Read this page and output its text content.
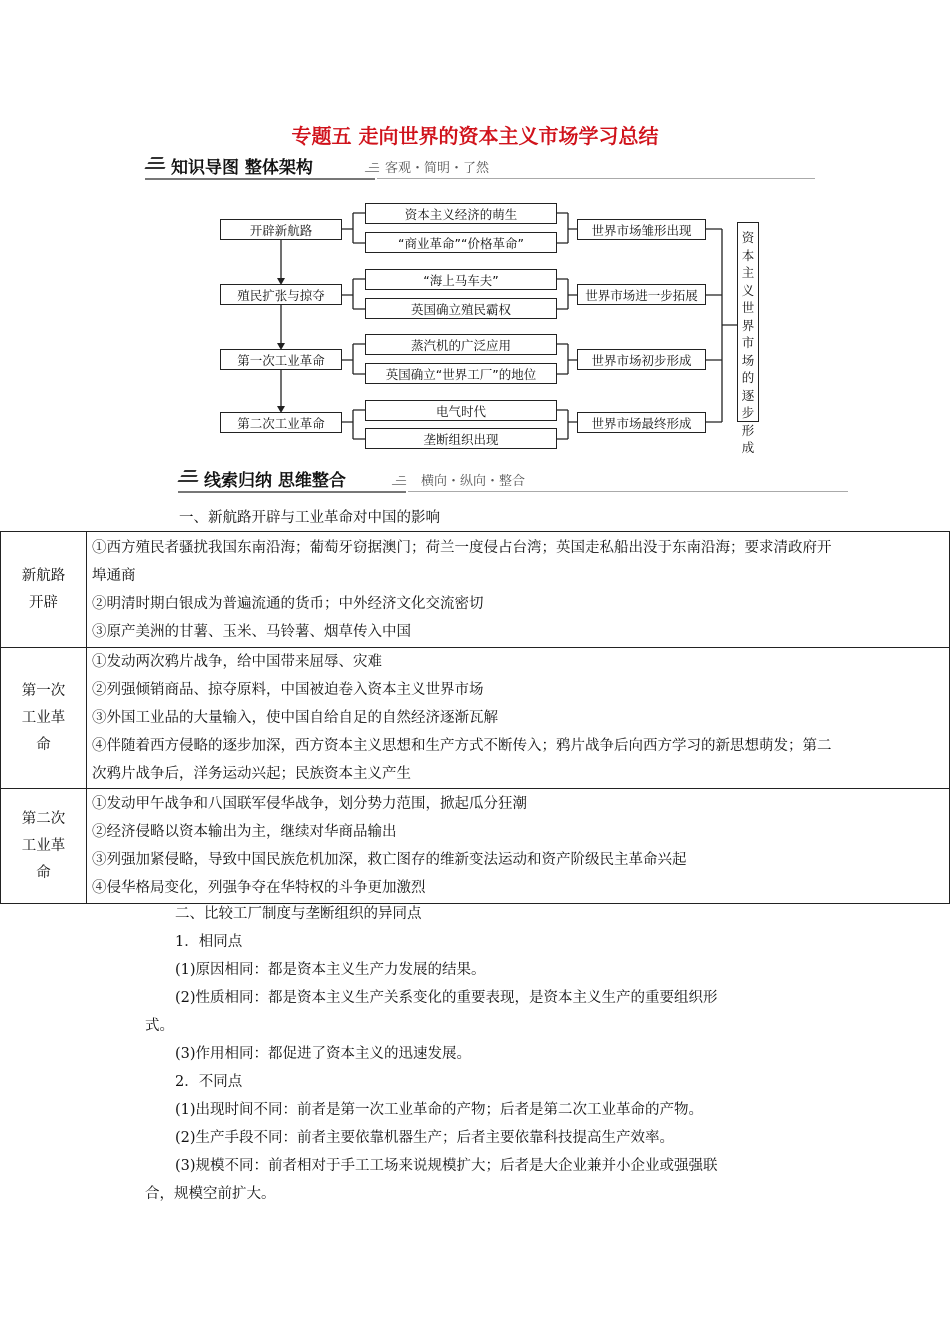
专题五 走向世界的资本主义市场学习总结
知识导图 整体架构	客观・简明・了然
开辟新航路
殖民扩张与掠夺
第一次工业革命
第二次工业革命
资本主义经济的萌生
“商业革命”“价格革命”
“海上马车夫”
英国确立殖民霸权
蒸汽机的广泛应用
英国确立“世界工厂”的地位
电气时代
垄断组织出现
世界市场雏形出现
世界市场进一步拓展
世界市场初步形成
世界市场最终形成
资
本
主
义
世
界
市
场
的
逐
步
形
成
线索归纳 思维整合	横向・纵向・整合
一、新航路开辟与工业革命对中国的影响
新航路
开辟	①西方殖民者骚扰我国东南沿海；葡萄牙窃据澳门；荷兰一度侵占台湾；英国走私船出没于东南沿海；要求清政府开
埠通商
②明清时期白银成为普遍流通的货币；中外经济文化交流密切
③原产美洲的甘薯、玉米、马铃薯、烟草传入中国

第一次
工业革
命	①发动两次鸦片战争，给中国带来屈辱、灾难
②列强倾销商品、掠夺原料，中国被迫卷入资本主义世界市场
③外国工业品的大量输入，使中国自给自足的自然经济逐渐瓦解
④伴随着西方侵略的逐步加深，西方资本主义思想和生产方式不断传入；鸦片战争后向西方学习的新思想萌发；第二
次鸦片战争后，洋务运动兴起；民族资本主义产生

第二次
工业革
命	①发动甲午战争和八国联军侵华战争，划分势力范围，掀起瓜分狂潮
②经济侵略以资本输出为主，继续对华商品输出
③列强加紧侵略，导致中国民族危机加深，救亡图存的维新变法运动和资产阶级民主革命兴起
④侵华格局变化，列强争夺在华特权的斗争更加激烈
二、比较工厂制度与垄断组织的异同点
1．相同点
(1)原因相同：都是资本主义生产力发展的结果。
(2)性质相同：都是资本主义生产关系变化的重要表现，是资本主义生产的重要组织形
式。
(3)作用相同：都促进了资本主义的迅速发展。
2．不同点
(1)出现时间不同：前者是第一次工业革命的产物；后者是第二次工业革命的产物。
(2)生产手段不同：前者主要依靠机器生产；后者主要依靠科技提高生产效率。
(3)规模不同：前者相对于手工工场来说规模扩大；后者是大企业兼并小企业或强强联
合，规模空前扩大。
